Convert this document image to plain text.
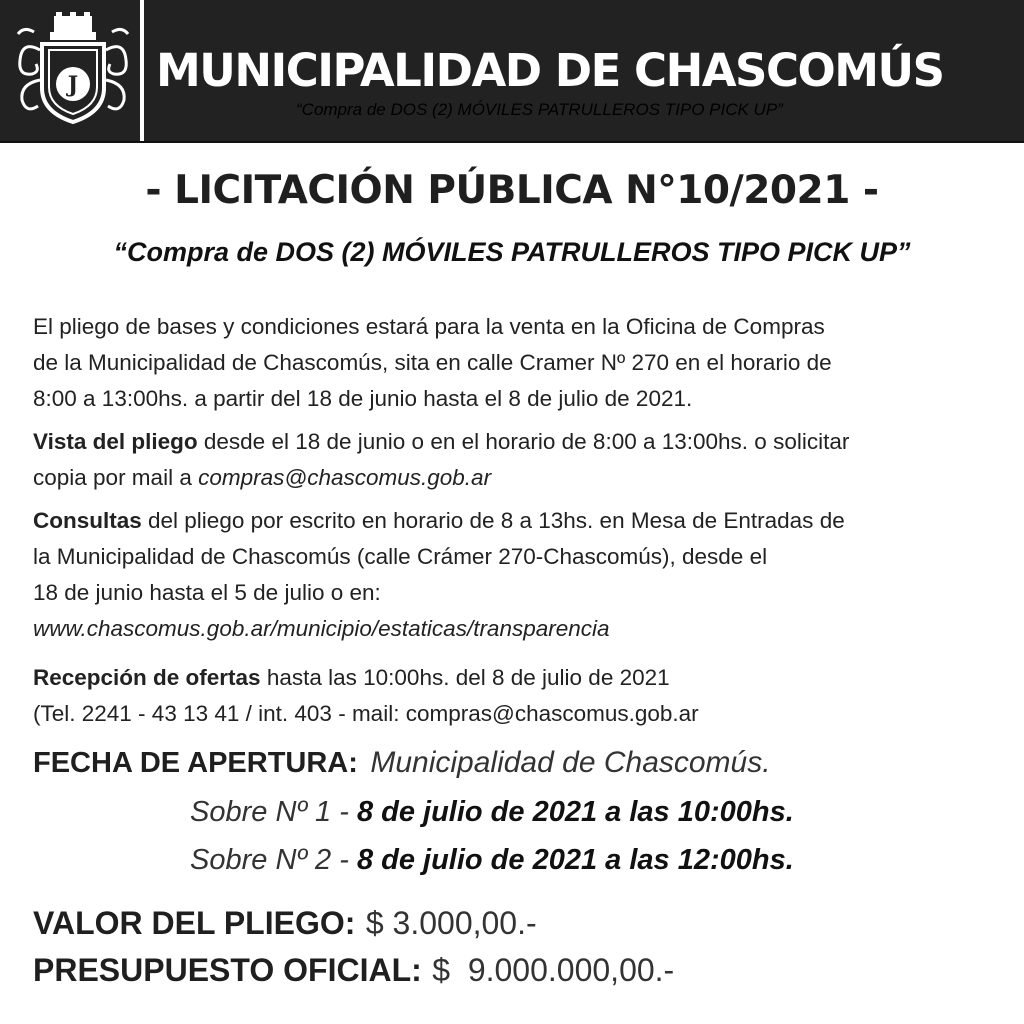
J MUNICIPALIDAD DE CHASCOMÚS
“Compra de DOS (2) MÓVILES PATRULLEROS TIPO PICK UP”
- LICITACIÓN PÚBLICA N°10/2021 -
“Compra de DOS (2) MÓVILES PATRULLEROS TIPO PICK UP”
El pliego de bases y condiciones estará para la venta en la Oficina de Compras
de la Municipalidad de Chascomús, sita en calle Cramer Nº 270 en el horario de
8:00 a 13:00hs. a partir del 18 de junio hasta el 8 de julio de 2021.
Vista del pliego desde el 18 de junio o en el horario de 8:00 a 13:00hs. o solicitar
copia por mail a compras@chascomus.gob.ar
Consultas del pliego por escrito en horario de 8 a 13hs. en Mesa de Entradas de
la Municipalidad de Chascomús (calle Crámer 270-Chascomús), desde el
18 de junio hasta el 5 de julio o en:
www.chascomus.gob.ar/municipio/estaticas/transparencia
Recepción de ofertas hasta las 10:00hs. del 8 de julio de 2021
(Tel. 2241 - 43 13 41 / int. 403 - mail: compras@chascomus.gob.ar
FECHA DE APERTURA: Municipalidad de Chascomús.
Sobre Nº 1 - 8 de julio de 2021 a las 10:00hs.
Sobre Nº 2 - 8 de julio de 2021 a las 12:00hs.
VALOR DEL PLIEGO: $ 3.000,00.-
PRESUPUESTO OFICIAL: $  9.000.000,00.-
